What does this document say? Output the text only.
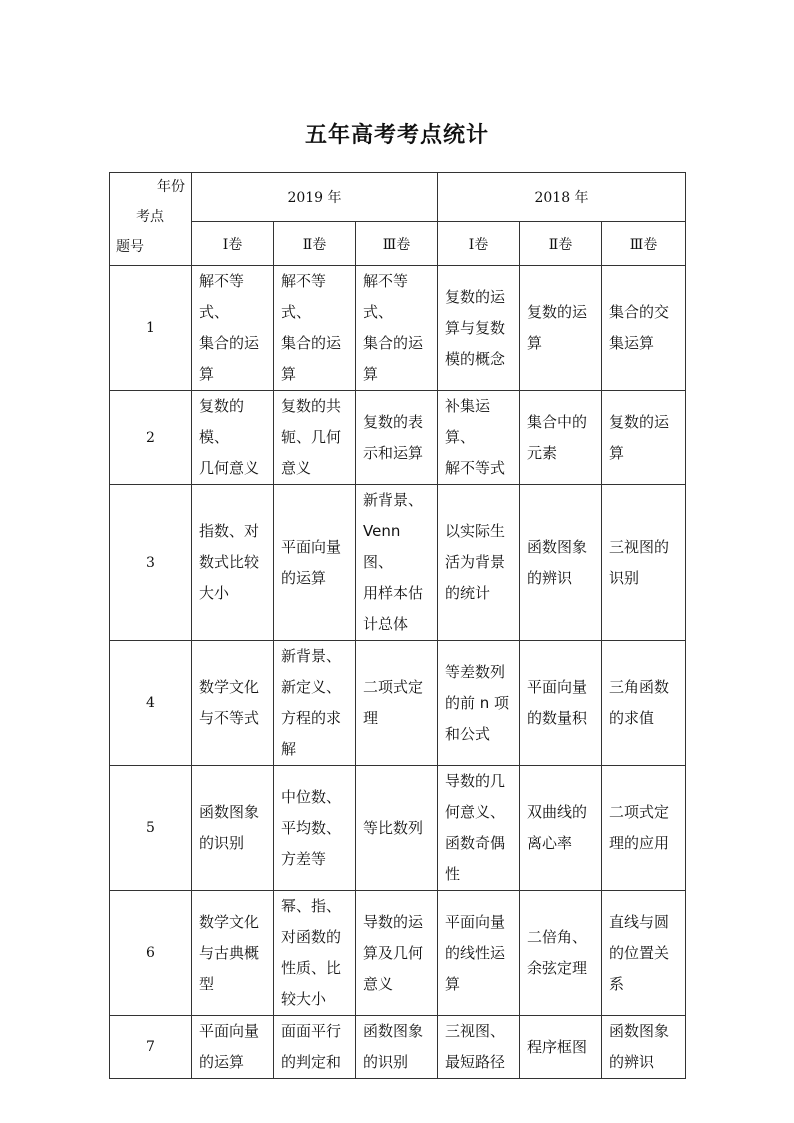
五年高考考点统计
年份
考点
题号	2019 年			2018 年		
	Ⅰ卷	Ⅱ卷	Ⅲ卷	Ⅰ卷	Ⅱ卷	Ⅲ卷
1	解不等式、
集合的运
算	解不等式、
集合的运
算	解不等式、
集合的运
算	复数的运
算与复数
模的概念	复数的运
算	集合的交
集运算
2	复数的模、
几何意义	复数的共
轭、几何
意义	复数的表
示和运算	补集运算、
解不等式	集合中的
元素	复数的运
算
3	指数、对
数式比较
大小	平面向量
的运算	新背景、
Venn 图、
用样本估
计总体	以实际生
活为背景
的统计	函数图象
的辨识	三视图的
识别
4	数学文化
与不等式	新背景、
新定义、
方程的求
解	二项式定
理	等差数列
的前 n 项
和公式	平面向量
的数量积	三角函数
的求值
5	函数图象
的识别	中位数、
平均数、
方差等	等比数列	导数的几
何意义、
函数奇偶
性	双曲线的
离心率	二项式定
理的应用
6	数学文化
与古典概
型	幂、指、
对函数的
性质、比
较大小	导数的运
算及几何
意义	平面向量
的线性运
算	二倍角、
余弦定理	直线与圆
的位置关
系
7	平面向量
的运算	面面平行
的判定和	函数图象
的识别	三视图、
最短路径	程序框图	函数图象
的辨识
